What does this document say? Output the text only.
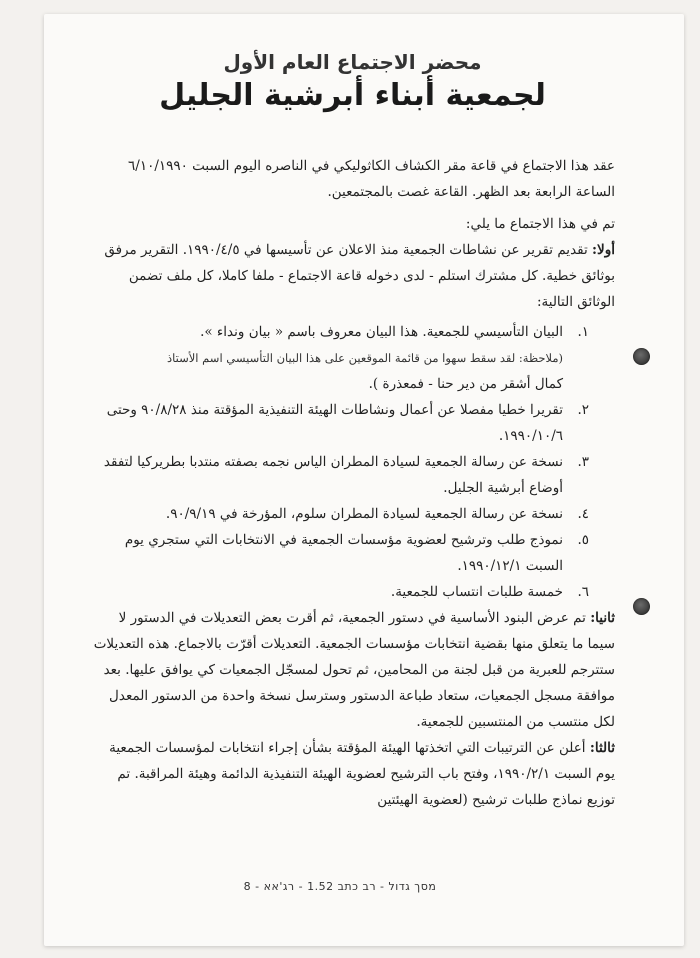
محضر الاجتماع العام الأول
لجمعية أبناء أبرشية الجليل

عقد هذا الاجتماع في قاعة مقر الكشاف الكاثوليكي في الناصره اليوم السبت ٦/١٠/١٩٩٠ الساعة الرابعة بعد الظهر. القاعة غصت بالمجتمعين.

تم في هذا الاجتماع ما يلي:

أولا: تقديم تقرير عن نشاطات الجمعية منذ الاعلان عن تأسيسها في ١٩٩٠/٤/٥. التقرير مرفق بوثائق خطية. كل مشترك استلم - لدى دخوله قاعة الاجتماع - ملفا كاملا، كل ملف تضمن الوثائق التالية:

١.
البيان التأسيسي للجمعية. هذا البيان معروف باسم « بيان ونداء ».
(ملاحظة: لقد سقط سهوا من قائمة الموقعين على هذا البيان التأسيسي اسم الأستاذ
كمال أشقر من دير حنا - فمعذرة ).
٢.
تقريرا خطيا مفصلا عن أعمال ونشاطات الهيئة التنفيذية المؤقتة منذ ٩٠/٨/٢٨ وحتى ١٩٩٠/١٠/٦.
٣.
نسخة عن رسالة الجمعية لسيادة المطران الياس نجمه بصفته منتدبا بطريركيا لتفقد أوضاع أبرشية الجليل.
٤.
نسخة عن رسالة الجمعية لسيادة المطران سلوم، المؤرخة في ٩٠/٩/١٩.
٥.
نموذج طلب وترشيح لعضوية مؤسسات الجمعية في الانتخابات التي ستجري يوم السبت ١٩٩٠/١٢/١.
٦.
خمسة طلبات انتساب للجمعية.

ثانيا: تم عرض البنود الأساسية في دستور الجمعية، ثم أقرت بعض التعديلات في الدستور لا سيما ما يتعلق منها بقضية انتخابات مؤسسات الجمعية. التعديلات أقرّت بالاجماع. هذه التعديلات ستترجم للعبرية من قبل لجنة من المحامين، ثم تحول لمسجّل الجمعيات كي يوافق عليها. بعد موافقة مسجل الجمعيات، ستعاد طباعة الدستور وسترسل نسخة واحدة من الدستور المعدل لكل منتسب من المنتسبين للجمعية.

ثالثا: أعلن عن الترتيبات التي اتخذتها الهيئة المؤقتة بشأن إجراء انتخابات لمؤسسات الجمعية يوم السبت ١٩٩٠/٢/١، وفتح باب الترشيح لعضوية الهيئة التنفيذية الدائمة وهيئة المراقبة. تم توزيع نماذج طلبات ترشيح (لعضوية الهيئتين

מסך גדול - רב כתב 1.52 - רג'אא - 8
